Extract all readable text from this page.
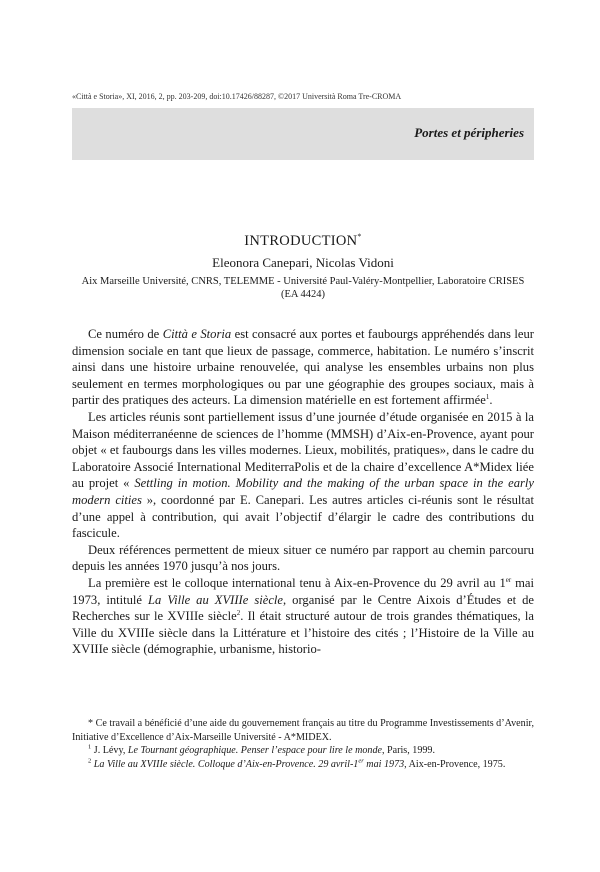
«Città e Storia», XI, 2016, 2, pp. 203-209, doi:10.17426/88287, ©2017 Università Roma Tre-CROMA
Portes et péripheries
INTRODUCTION*
Eleonora Canepari, Nicolas Vidoni
Aix Marseille Université, CNRS, TELEMME - Université Paul-Valéry-Montpellier, Laboratoire CRISES (EA 4424)

Ce numéro de Città e Storia est consacré aux portes et faubourgs appréhendés dans leur dimension sociale en tant que lieux de passage, commerce, habitation. Le numéro s’inscrit ainsi dans une histoire urbaine renouvelée, qui analyse les ensembles urbains non plus seulement en termes morphologiques ou par une géographie des groupes sociaux, mais à partir des pratiques des acteurs. La dimension matérielle en est fortement affirmée$^1$.

Les articles réunis sont partiellement issus d’une journée d’étude organisée en 2015 à la Maison méditerranéenne de sciences de l’homme (MMSH) d’Aix-en-Provence, ayant pour objet « et faubourgs dans les villes modernes. Lieux, mobilités, pratiques», dans le cadre du Laboratoire Associé International MediterraPolis et de la chaire d’excellence A*Midex liée au projet « Settling in motion. Mobility and the making of the urban space in the early modern cities », coordonné par E. Canepari. Les autres articles ci-réunis sont le résultat d’une appel à contribution, qui avait l’objectif d’élargir le cadre des contributions du fascicule.

Deux références permettent de mieux situer ce numéro par rapport au chemin parcouru depuis les années 1970 jusqu’à nos jours.

La première est le colloque international tenu à Aix-en-Provence du 29 avril au 1er mai 1973, intitulé La Ville au XVIIIe siècle, organisé par le Centre Aixois d’Études et de Recherches sur le XVIIIe siècle$^2$. Il était structuré autour de trois grandes thématiques, la Ville du XVIIIe siècle dans la Littérature et l’histoire des cités ; l’Histoire de la Ville au XVIIIe siècle (démographie, urbanisme, historio-

* Ce travail a bénéficié d’une aide du gouvernement français au titre du Programme Investissements d’Avenir, Initiative d’Excellence d’Aix-Marseille Université - A*MIDEX.

$^1$ J. Lévy, Le Tournant géographique. Penser l’espace pour lire le monde, Paris, 1999.

$^2$ La Ville au XVIIIe siècle. Colloque d’Aix-en-Provence. 29 avril-1er mai 1973, Aix-en-Provence, 1975.
